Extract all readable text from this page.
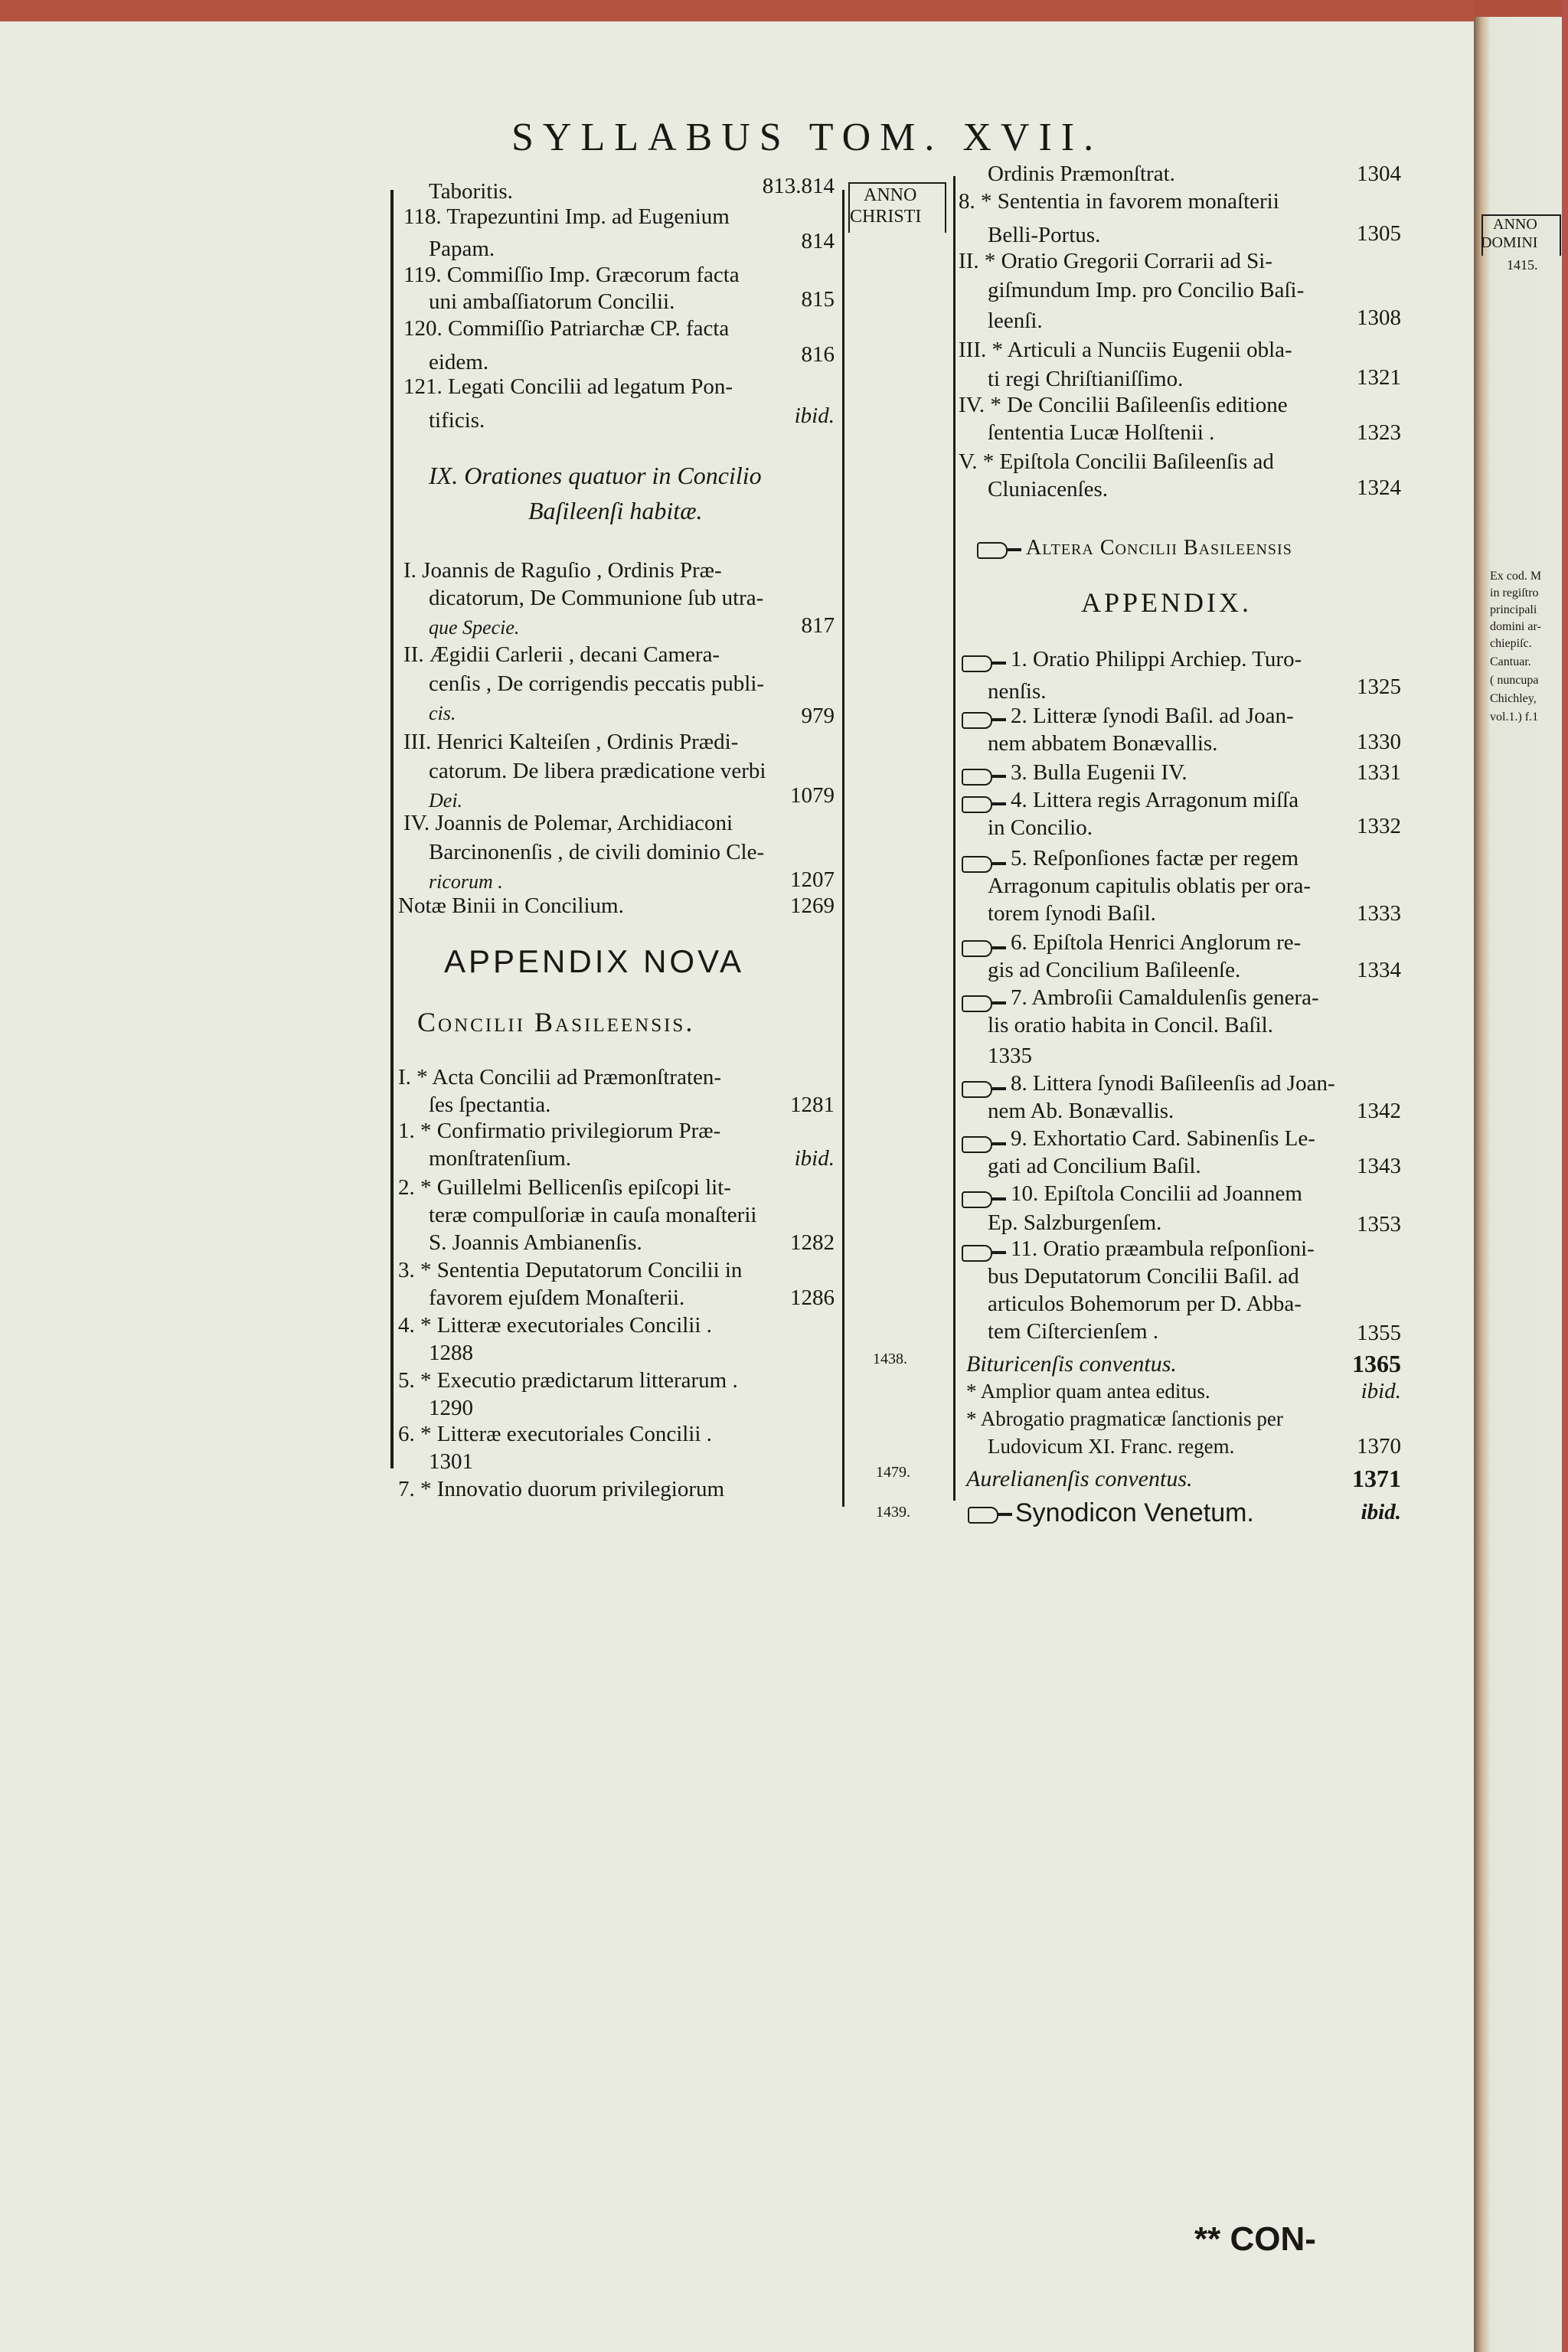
SYLLABUS TOM. XVII.
Taboritis.	813.814
118. Trapezuntini Imp. ad Eugenium
Papam.	814
119. Commiſſio Imp. Græcorum facta
uni ambaſſiatorum Concilii.	815
120. Commiſſio Patriarchæ CP. facta
eidem.	816
121. Legati Concilii ad legatum Pon-
tificis.	ibid.
IX. Orationes quatuor in Concilio
Baſileenſi habitæ.
I. Joannis de Raguſio , Ordinis Præ-
dicatorum, De Communione ſub utra-
que Specie.	817
II. Ægidii Carlerii , decani Camera-
cenſis , De corrigendis peccatis publi-
cis.	979
III. Henrici Kalteiſen , Ordinis Prædi-
catorum. De libera prædicatione verbi
Dei.	1079
IV. Joannis de Polemar, Archidiaconi
Barcinonenſis , de civili dominio Cle-
ricorum .	1207
Notæ Binii in Concilium.	1269
APPENDIX NOVA
Concilii Basileensis.
I. * Acta Concilii ad Præmonſtraten-
ſes ſpectantia.	1281
1. * Confirmatio privilegiorum Præ-
monſtratenſium.	ibid.
2. * Guillelmi Bellicenſis epiſcopi lit-
teræ compulſoriæ in cauſa monaſterii
S. Joannis Ambianenſis.	1282
3. * Sententia Deputatorum Concilii in
favorem ejuſdem Monaſterii.	1286
4. * Litteræ executoriales Concilii .
1288
5. * Executio prædictarum litterarum .
1290
6. * Litteræ executoriales Concilii .
1301
7. * Innovatio duorum privilegiorum
ANNO
CHRISTI
1438.
1479.
1439.
Ordinis Præmonſtrat.	1304
8. * Sententia in favorem monaſterii
Belli-Portus.	1305
II. * Oratio Gregorii Corrarii ad Si-
giſmundum Imp. pro Concilio Baſi-
leenſi.	1308
III. * Articuli a Nunciis Eugenii obla-
ti regi Chriſtianiſſimo.	1321
IV. * De Concilii Baſileenſis editione
ſententia Lucæ Holſtenii .	1323
V. * Epiſtola Concilii Baſileenſis ad
Cluniacenſes.	1324
Altera Concilii Basileensis
APPENDIX.
1. Oratio Philippi Archiep. Turo-
nenſis.	1325
2. Litteræ ſynodi Baſil. ad Joan-
nem abbatem Bonævallis.	1330
3. Bulla Eugenii IV.	1331
4. Littera regis Arragonum miſſa
in Concilio.	1332
5. Reſponſiones factæ per regem
Arragonum capitulis oblatis per ora-
torem ſynodi Baſil.	1333
6. Epiſtola Henrici Anglorum re-
gis ad Concilium Baſileenſe.	1334
7. Ambroſii Camaldulenſis genera-
lis oratio habita in Concil. Baſil.
1335
8. Littera ſynodi Baſileenſis ad Joan-
nem Ab. Bonævallis.	1342
9. Exhortatio Card. Sabinenſis Le-
gati ad Concilium Baſil.	1343
10. Epiſtola Concilii ad Joannem
Ep. Salzburgenſem.	1353
11. Oratio præambula reſponſioni-
bus Deputatorum Concilii Baſil. ad
articulos Bohemorum per D. Abba-
tem Ciſtercienſem .	1355
Bituricenſis conventus.	1365
* Amplior quam antea editus.	ibid.
* Abrogatio pragmaticæ ſanctionis per
Ludovicum XI. Franc. regem.	1370
Aurelianenſis conventus.	1371
Synodicon Venetum.	ibid.
** CON-
ANNO
DOMINI
1415.
Ex cod. M
in regiſtro
principali
domini ar-
chiepiſc.
Cantuar.
( nuncupa
Chichley,
vol.1.) f.1
